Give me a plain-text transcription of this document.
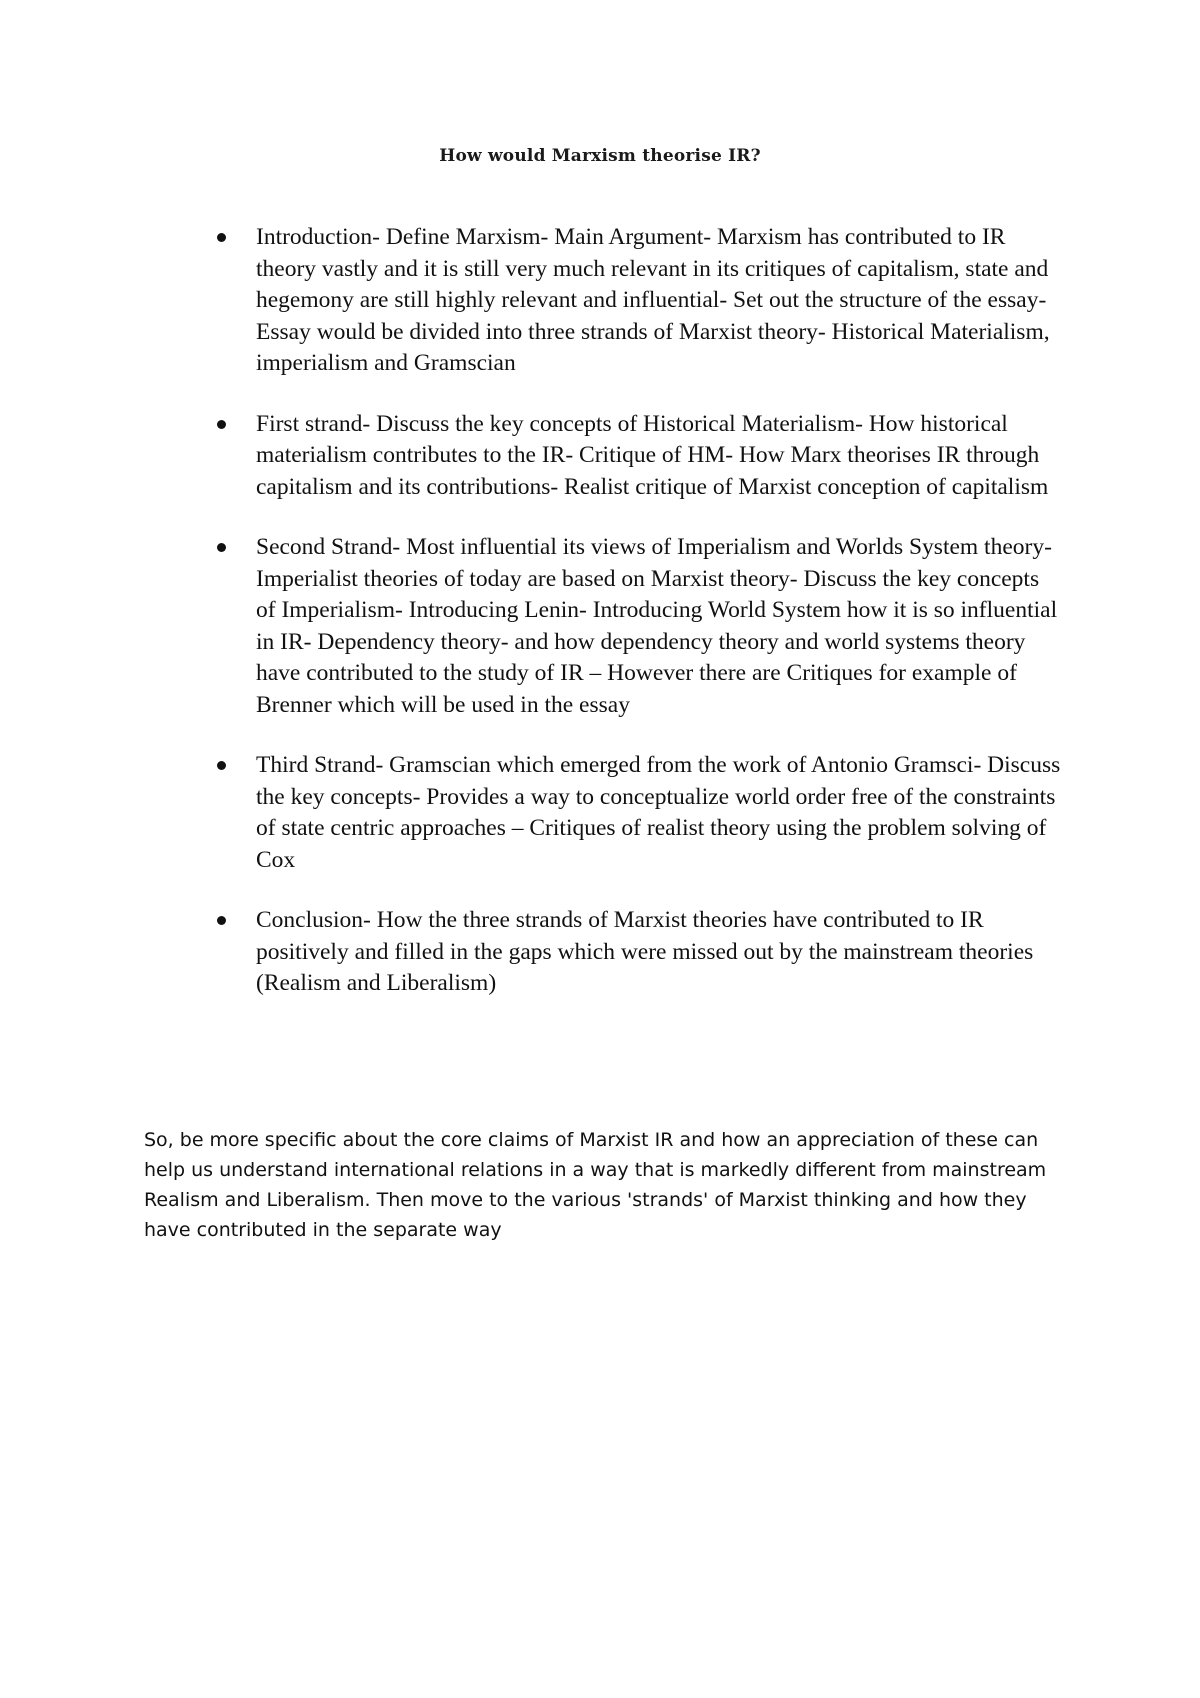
How would Marxism theorise IR?
Introduction- Define Marxism- Main Argument- Marxism has contributed to IR theory vastly and it is still very much relevant in its critiques of capitalism, state and hegemony are still highly relevant and influential- Set out the structure of the essay- Essay would be divided into three strands of Marxist theory- Historical Materialism, imperialism and Gramscian
First strand- Discuss the key concepts of Historical Materialism- How historical materialism contributes to the IR- Critique of HM- How Marx theorises IR through capitalism and its contributions- Realist critique of Marxist conception of capitalism
Second Strand- Most influential its views of Imperialism and Worlds System theory- Imperialist theories of today are based on Marxist theory- Discuss the key concepts of Imperialism- Introducing Lenin- Introducing World System how it is so influential in IR- Dependency theory- and how dependency theory and world systems theory have contributed to the study of IR – However there are Critiques for example of Brenner which will be used in the essay
Third Strand- Gramscian which emerged from the work of Antonio Gramsci- Discuss the key concepts- Provides a way to conceptualize world order free of the constraints of state centric approaches – Critiques of realist theory using the problem solving of Cox
Conclusion- How the three strands of Marxist theories have contributed to IR positively and filled in the gaps which were missed out by the mainstream theories (Realism and Liberalism)

So, be more specific about the core claims of Marxist IR and how an appreciation of these can help us understand international relations in a way that is markedly different from mainstream Realism and Liberalism. Then move to the various 'strands' of Marxist thinking and how they have contributed in the separate way
